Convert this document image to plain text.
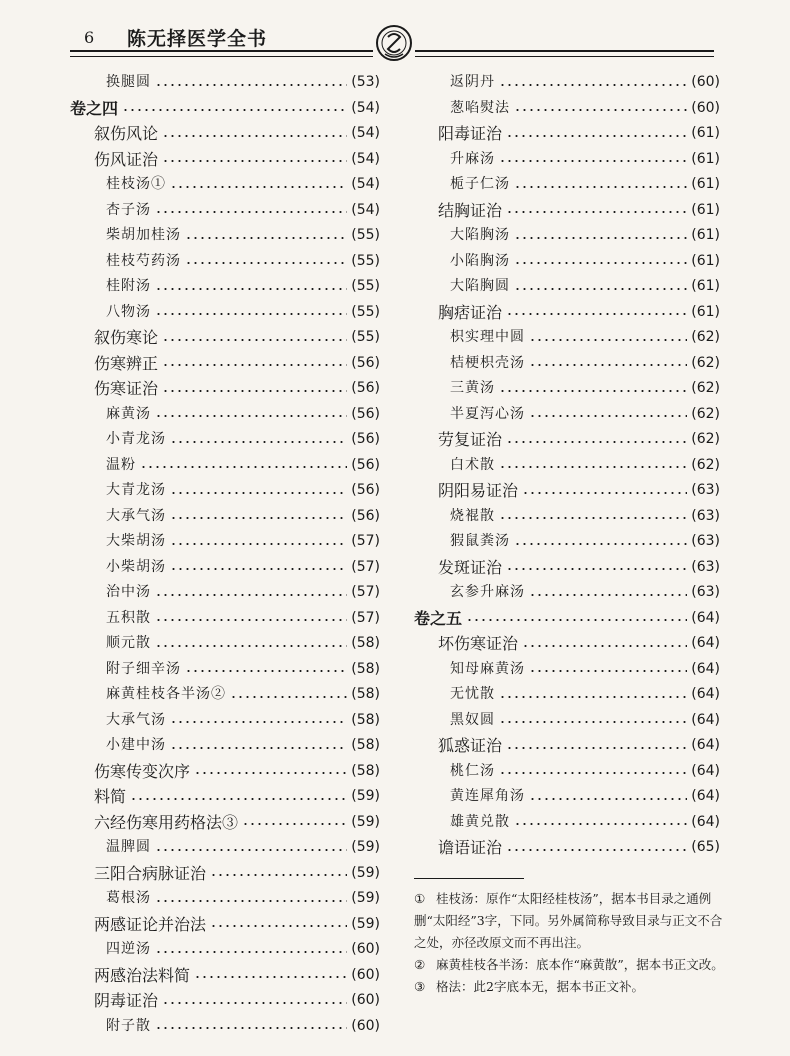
6 陈无择医学全书
换腿圆	(53)
卷之四	(54)
叙伤风论	(54)
伤风证治	(54)
桂枝汤①	(54)
杏子汤	(54)
柴胡加桂汤	(55)
桂枝芍药汤	(55)
桂附汤	(55)
八物汤	(55)
叙伤寒论	(55)
伤寒辨正	(56)
伤寒证治	(56)
麻黄汤	(56)
小青龙汤	(56)
温粉	(56)
大青龙汤	(56)
大承气汤	(56)
大柴胡汤	(57)
小柴胡汤	(57)
治中汤	(57)
五积散	(57)
顺元散	(58)
附子细辛汤	(58)
麻黄桂枝各半汤②	(58)
大承气汤	(58)
小建中汤	(58)
伤寒传变次序	(58)
料简	(59)
六经伤寒用药格法③	(59)
温脾圆	(59)
三阳合病脉证治	(59)
葛根汤	(59)
两感证论并治法	(59)
四逆汤	(60)
两感治法料简	(60)
阴毒证治	(60)
附子散	(60)
返阴丹	(60)
葱啗熨法	(60)
阳毒证治	(61)
升麻汤	(61)
栀子仁汤	(61)
结胸证治	(61)
大陷胸汤	(61)
小陷胸汤	(61)
大陷胸圆	(61)
胸痞证治	(61)
枳实理中圆	(62)
桔梗枳壳汤	(62)
三黄汤	(62)
半夏泻心汤	(62)
劳复证治	(62)
白术散	(62)
阴阳易证治	(63)
烧裩散	(63)
猳鼠粪汤	(63)
发斑证治	(63)
玄参升麻汤	(63)
卷之五	(64)
坏伤寒证治	(64)
知母麻黄汤	(64)
无忧散	(64)
黑奴圆	(64)
狐惑证治	(64)
桃仁汤	(64)
黄连犀角汤	(64)
雄黄兑散	(64)
谵语证治	(65)
① 桂枝汤：原作“太阳经桂枝汤”，据本书目录之通例删“太阳经”3字，下同。另外属简称导致目录与正文不合之处，亦径改原文而不再出注。
② 麻黄桂枝各半汤：底本作“麻黄散”，据本书正文改。
③ 格法：此2字底本无，据本书正文补。
